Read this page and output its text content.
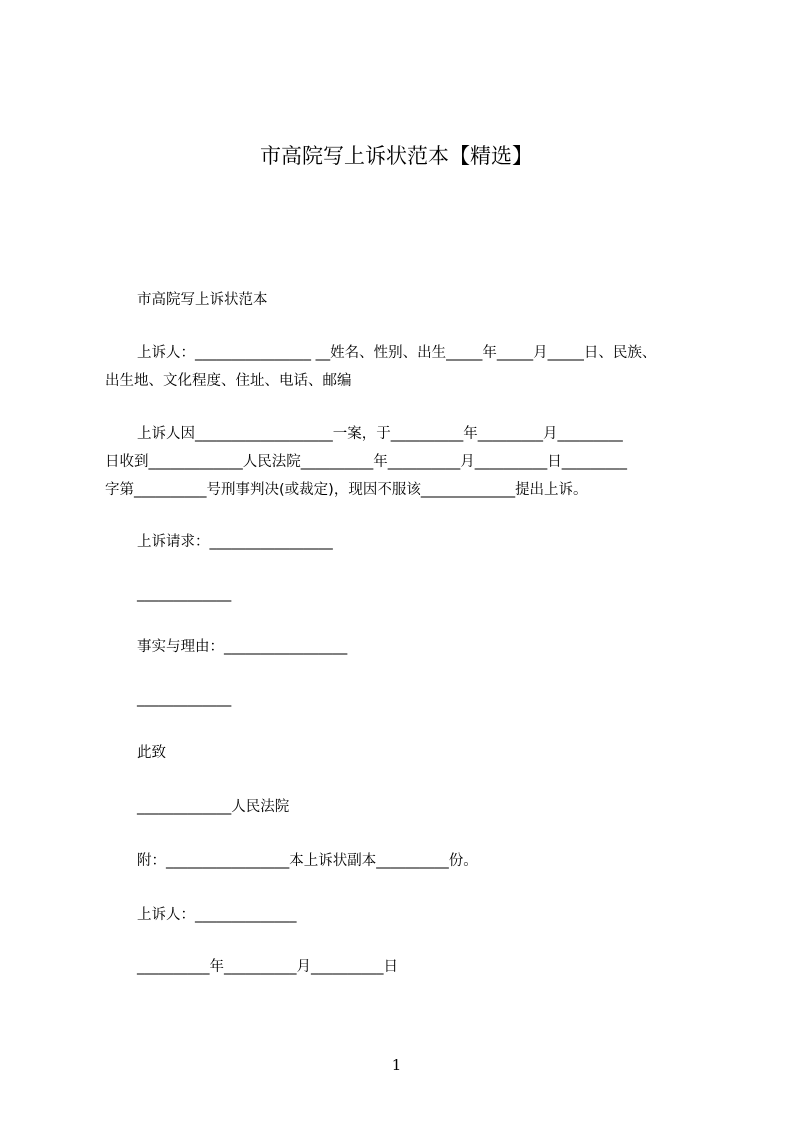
市高院写上诉状范本【精选】
市高院写上诉状范本
上诉人：________________ __姓名、性别、出生_____年_____月_____日、民族、
出生地、文化程度、住址、电话、邮编
上诉人因___________________一案，于__________年_________月_________
日收到_____________人民法院__________年__________月__________日_________
字第__________号刑事判决(或裁定)，现因不服该_____________提出上诉。
上诉请求：_________________
_____________
事实与理由：_________________
_____________
此致
_____________人民法院
附：_________________本上诉状副本__________份。
上诉人：______________
__________年__________月__________日
1
